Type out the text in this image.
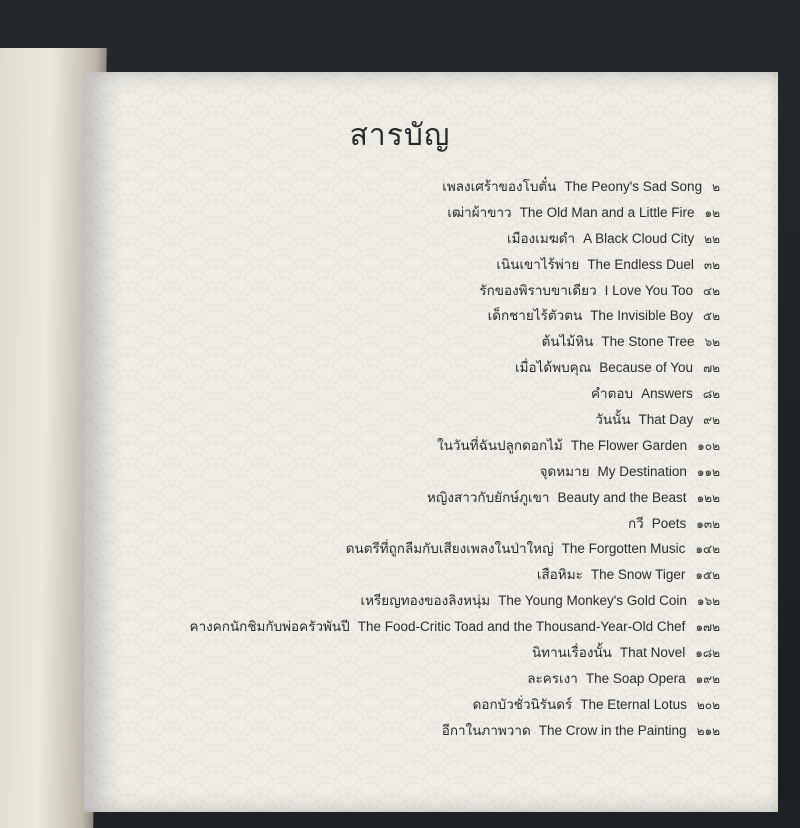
สารบัญ
เพลงเศร้าของโบตั๋น The Peony's Sad Song ๒
เฒ่าผ้าขาว The Old Man and a Little Fire ๑๒
เมืองเมฆดำ A Black Cloud City ๒๒
เนินเขาไร้พ่าย The Endless Duel ๓๒
รักของพิราบขาเดียว I Love You Too ๔๒
เด็กชายไร้ตัวตน The Invisible Boy ๕๒
ต้นไม้หิน The Stone Tree ๖๒
เมื่อได้พบคุณ Because of You ๗๒
คำตอบ Answers ๘๒
วันนั้น That Day ๙๒
ในวันที่ฉันปลูกดอกไม้ The Flower Garden ๑๐๒
จุดหมาย My Destination ๑๑๒
หญิงสาวกับยักษ์ภูเขา Beauty and the Beast ๑๒๒
กวี Poets ๑๓๒
ดนตรีที่ถูกลืมกับเสียงเพลงในป่าใหญ่ The Forgotten Music ๑๔๒
เสือหิมะ The Snow Tiger ๑๕๒
เหรียญทองของลิงหนุ่ม The Young Monkey's Gold Coin ๑๖๒
คางคกนักชิมกับพ่อครัวพันปี The Food-Critic Toad and the Thousand-Year-Old Chef ๑๗๒
นิทานเรื่องนั้น That Novel ๑๘๒
ละครเงา The Soap Opera ๑๙๒
ดอกบัวชั่วนิรันดร์ The Eternal Lotus ๒๐๒
อีกาในภาพวาด The Crow in the Painting ๒๑๒
